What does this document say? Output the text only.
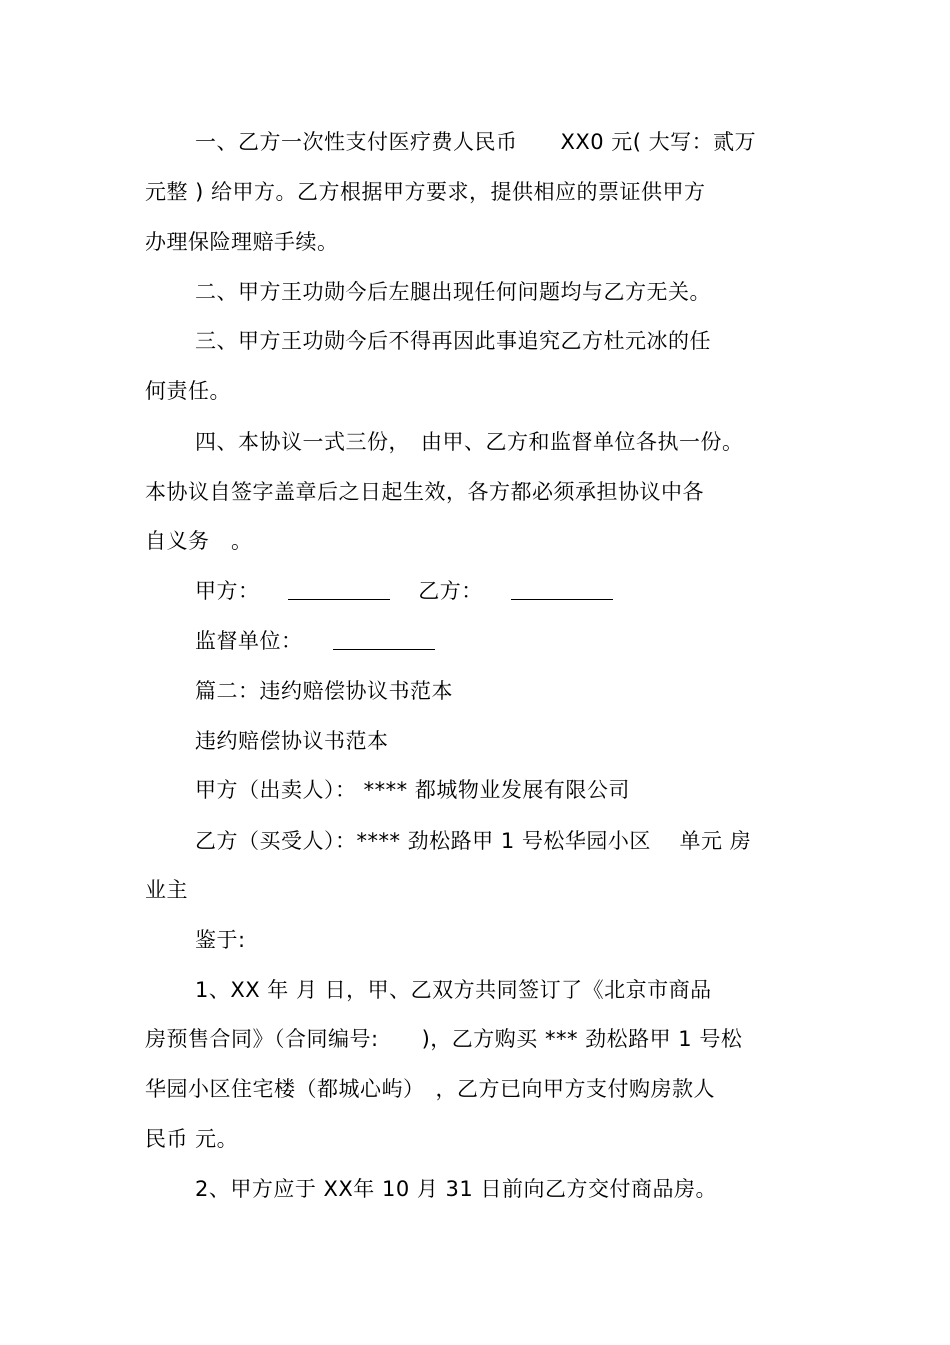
一、乙方一次性支付医疗费人民币　　XX0 元( 大写：贰万
元整 ) 给甲方。乙方根据甲方要求，提供相应的票证供甲方
办理保险理赔手续。
二、甲方王功勋今后左腿出现任何问题均与乙方无关。
三、甲方王功勋今后不得再因此事追究乙方杜元冰的任
何责任。
四、本协议一式三份，　由甲、乙方和监督单位各执一份。
本协议自签字盖章后之日起生效，各方都必须承担协议中各
自义务　。
甲方：	乙方：
监督单位：
篇二：违约赔偿协议书范本
违约赔偿协议书范本
甲方（出卖人）： **** 都城物业发展有限公司
乙方（买受人）：**** 劲松路甲 1 号松华园小区　 单元 房
业主
鉴于:
1、XX 年 月 日，甲、乙双方共同签订了《北京市商品
房预售合同》（合同编号:　　)，乙方购买 *** 劲松路甲 1 号松
华园小区住宅楼（都城心屿）　，乙方已向甲方支付购房款人
民币 元。
2、甲方应于 XX年 10 月 31 日前向乙方交付商品房。
